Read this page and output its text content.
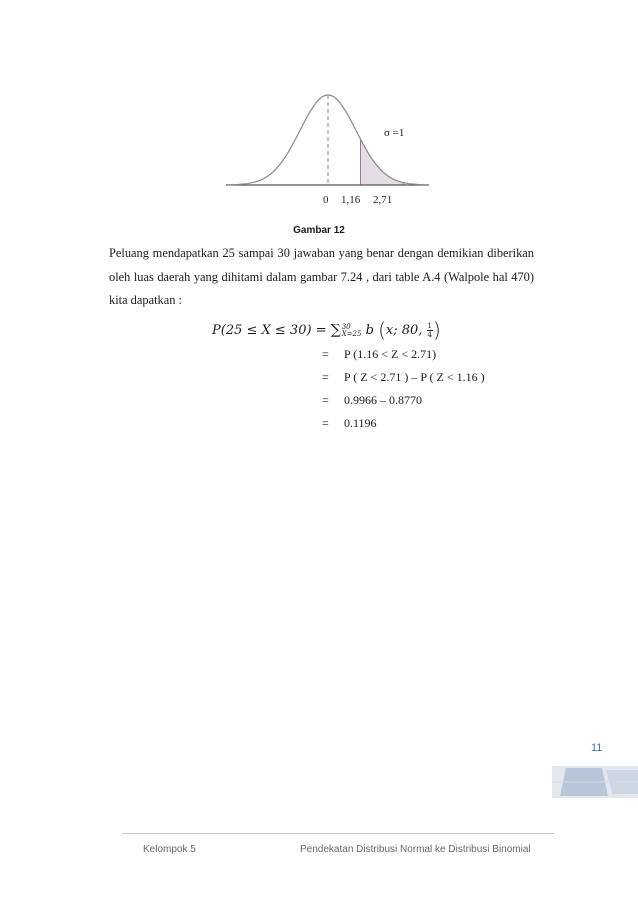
σ =1
0 1,16 2,71
Gambar 12
Peluang mendapatkan 25 sampai 30 jawaban yang benar dengan demikian diberikan
oleh luas daerah yang dihitami dalam gambar 7.24 , dari table A.4 (Walpole hal 470)
kita dapatkan :
P(25 ≤ X ≤ 30) = ∑ 30
X=25 b (x; 80, $\frac{1}{4}$ )
= P (1.16 < Z < 2.71)
= P ( Z < 2.71 ) – P ( Z < 1.16 )
= 0.9966 – 0.8770
= 0.1196
11
Kelompok 5	Pendekatan Distribusi Normal ke Distribusi Binomial
